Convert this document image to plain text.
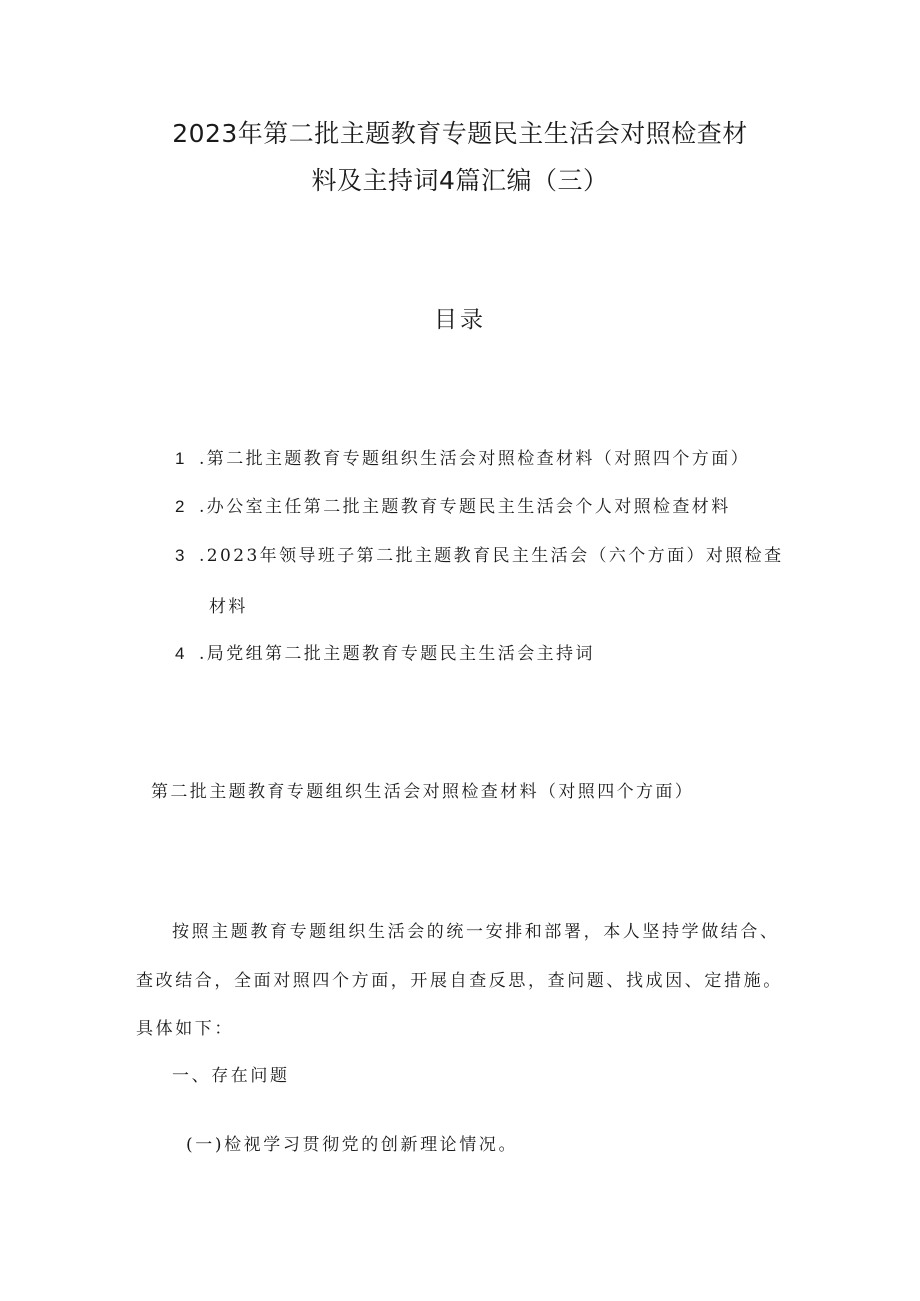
2023年第二批主题教育专题民主生活会对照检查材
料及主持词4篇汇编（三）
目录
1 .第二批主题教育专题组织生活会对照检查材料（对照四个方面）
2 .办公室主任第二批主题教育专题民主生活会个人对照检查材料
3 .2023年领导班子第二批主题教育民主生活会（六个方面）对照检查
材料
4 .局党组第二批主题教育专题民主生活会主持词
第二批主题教育专题组织生活会对照检查材料（对照四个方面）
按照主题教育专题组织生活会的统一安排和部署，本人坚持学做结合、
查改结合，全面对照四个方面，开展自查反思，查问题、找成因、定措施。
具体如下：
一、存在问题
(一)检视学习贯彻党的创新理论情况。
